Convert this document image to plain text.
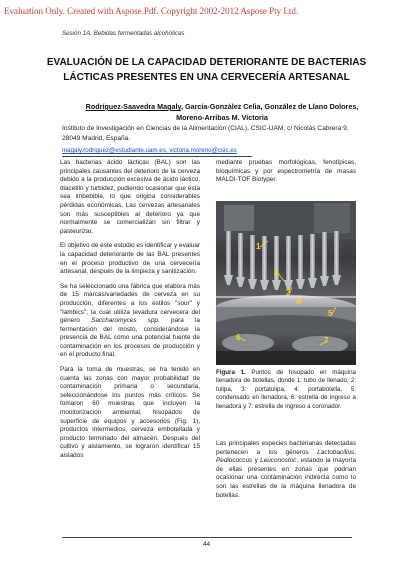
Evaluation Only. Created with Aspose.Pdf. Copyright 2002-2012 Aspose Pty Ltd.
Sesión 1A. Bebidas fermentadas alcohólicas
EVALUACIÓN DE LA CAPACIDAD DETERIORANTE DE BACTERIAS LÁCTICAS PRESENTES EN UNA CERVECERÍA ARTESANAL
Rodríguez-Saavedra Magaly, García-González Celia, González de Llano Dolores,
Moreno-Arribas M. Victoria
Instituto de Investigación en Ciencias de la Alimentación (CIAL), CSIC-UAM, c/ Nicolás Cabrera 9, 28049 Madrid, España.
magaly.rodriguez@estudiante.uam.es, victoria.moreno@csic.es

Las bacterias ácido lácticas (BAL) son las principales causantes del deterioro de la cerveza debido a la producción excesiva de ácido láctico, diacetilo y turbidez, pudiendo ocasionar que ésta sea imbebible, lo que origina considerables pérdidas económicas. Las cervezas artesanales son más susceptibles al deterioro ya que normalmente se comercializan sin filtrar y pasteurizar.

El objetivo de este estudio es identificar y evaluar la capacidad deteriorante de las BAL presentes en el proceso productivo de una cervecería artesanal, después de la limpieza y sanitización.

Se ha seleccionado una fábrica que elabora más de 15 marcas/variedades de cerveza en su producción, diferentes a los estilos "sour" y "lambics"; la cual utiliza levadura cervecera del género Saccharomyces spp. para la fermentación del mosto, considerándose la presencia de BAL como una potencial fuente de contaminación en los procesos de producción y en el producto final.

Para la toma de muestras, se ha tenido en cuenta las zonas con mayor probabilidad de contaminación primaria o secundaria, seleccionándose los puntos más críticos. Se tomaron 60 muestras que incluyen la monitorización ambiental, hisopados de superficie de equipos y accesorios (Fig. 1), productos intermedios, cerveza embotellada y producto terminado del almacén. Después del cultivo y aislamiento, se lograron identificar 15 aislados

mediante pruebas morfológicas, fenotípicas, bioquímicas y por espectrometría de masas MALDI-TOF Biotyper.

1
2
3
4
5
6	7
Figura 1. Puntos de hisopado en máquina llenadora de botellas, donde 1: tubo de llenado, 2: tulipa, 3: portatulipa, 4: portabotella, 5: condensado en llenadora, 6: estrella de ingreso a llenadora y 7: estrella de ingreso a coronador.

Las principales especies bacterianas detectadas pertenecen a los géneros Lactobacillus, Pediococcus y Leuconostoc, estando la mayoría de ellas presentes en zonas que podrían ocasionar una contaminación indirecta como lo son las estrellas de la máquina llenadora de botellas.

44
